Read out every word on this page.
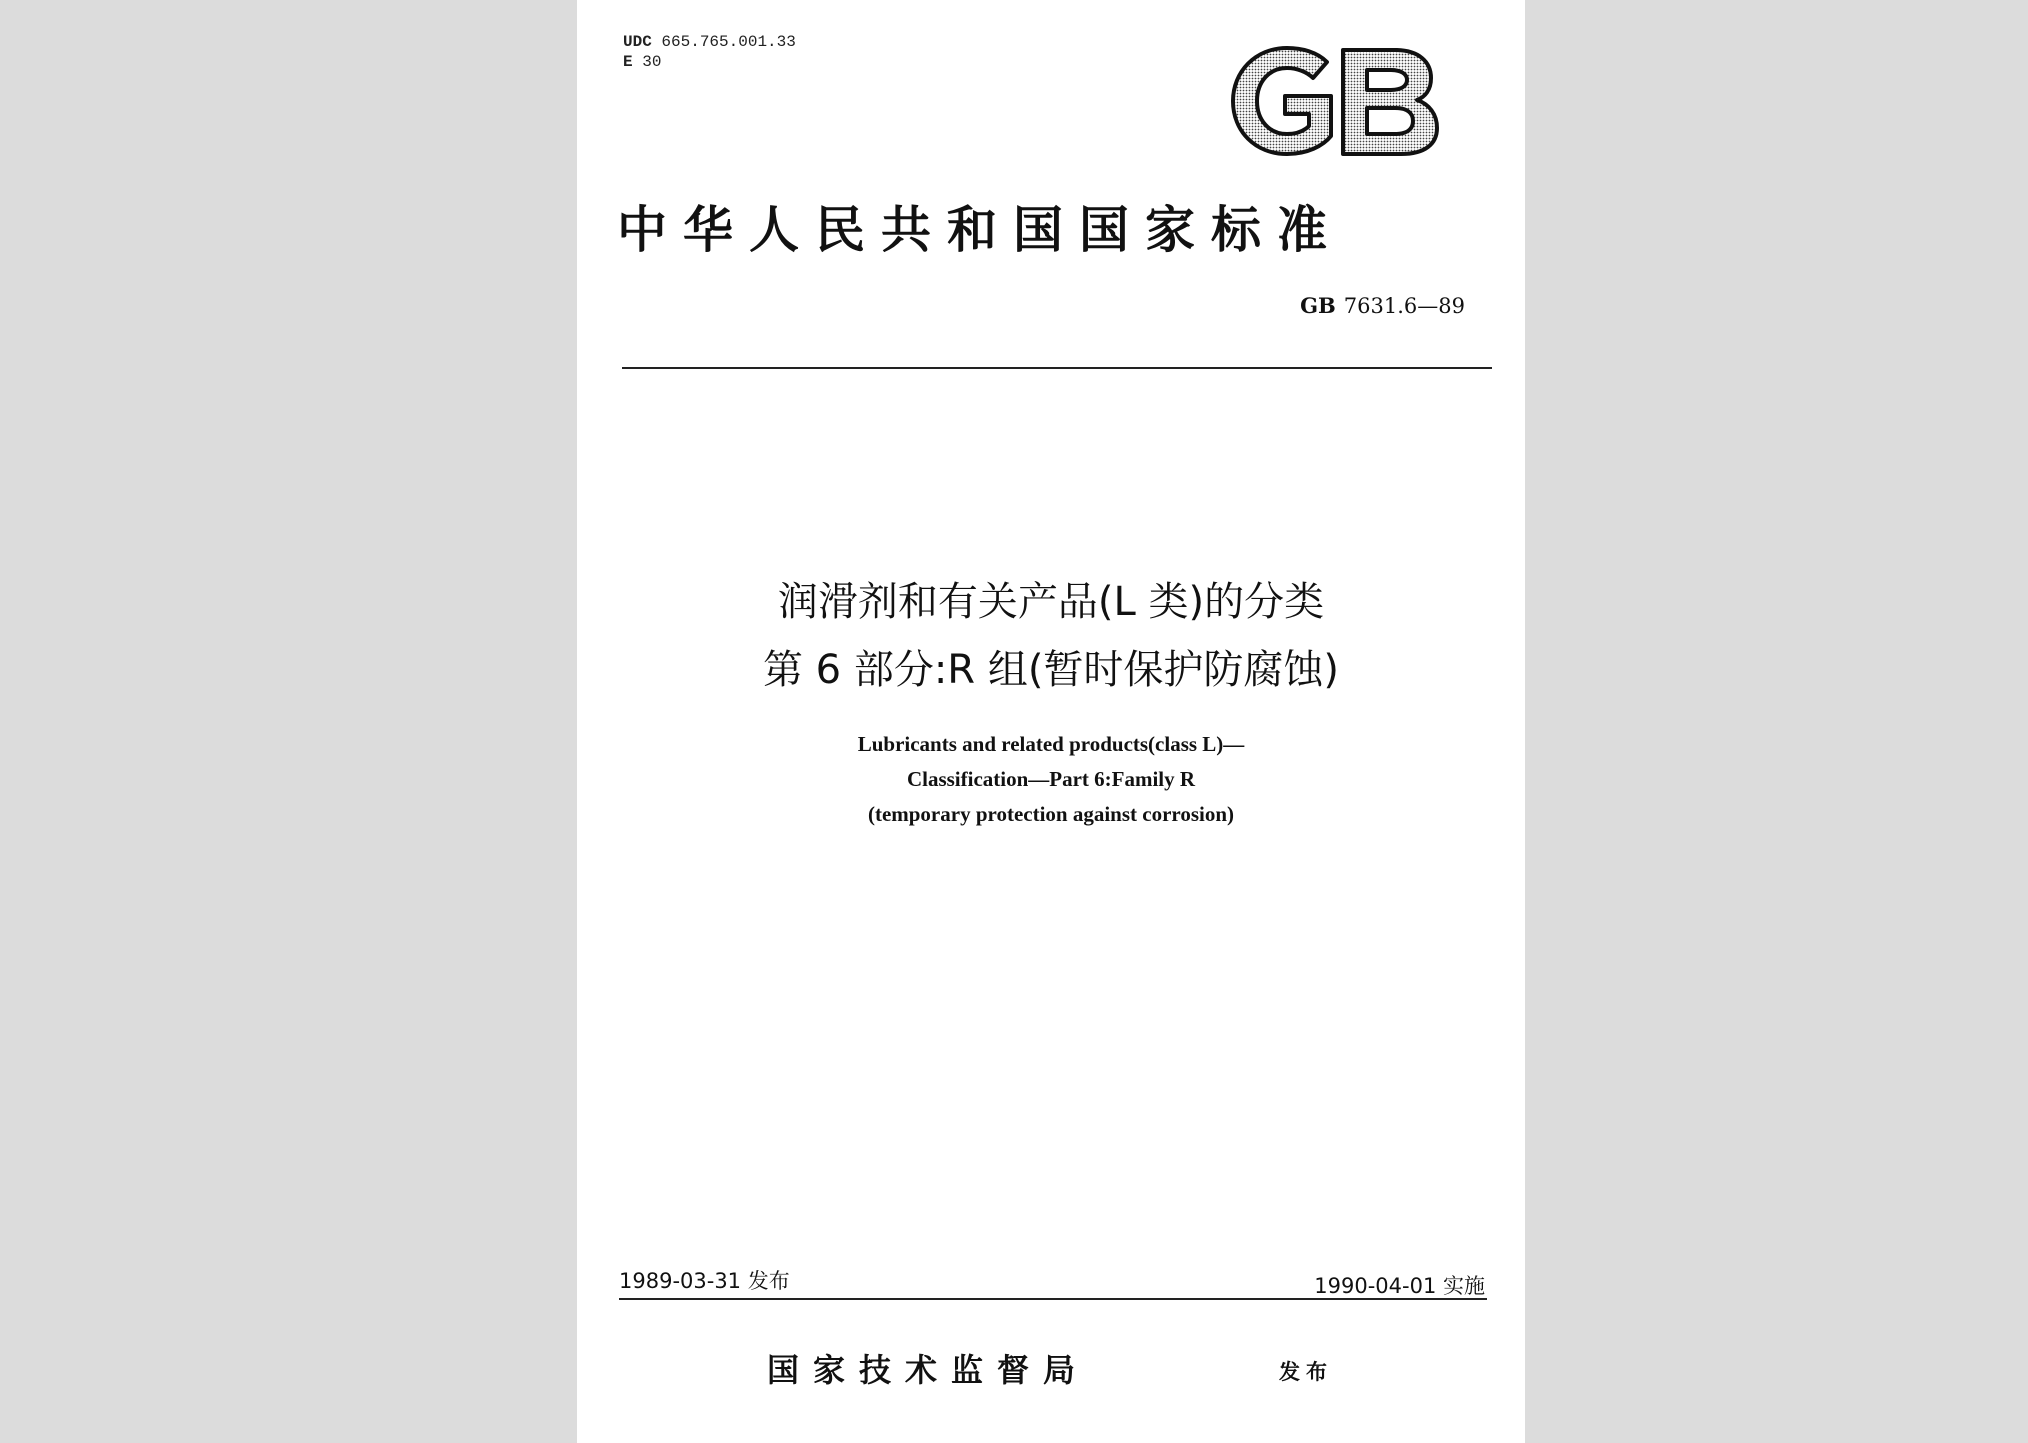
UDC 665.765.001.33
E 30
GB
中华人民共和国国家标准
GB 7631.6—89
润滑剂和有关产品(L 类)的分类
第 6 部分:R 组(暂时保护防腐蚀)
Lubricants and related products(class L)—
Classification—Part 6:Family R
(temporary protection against corrosion)
1989-03-31 发布	1990-04-01 实施
国家技术监督局	发布
